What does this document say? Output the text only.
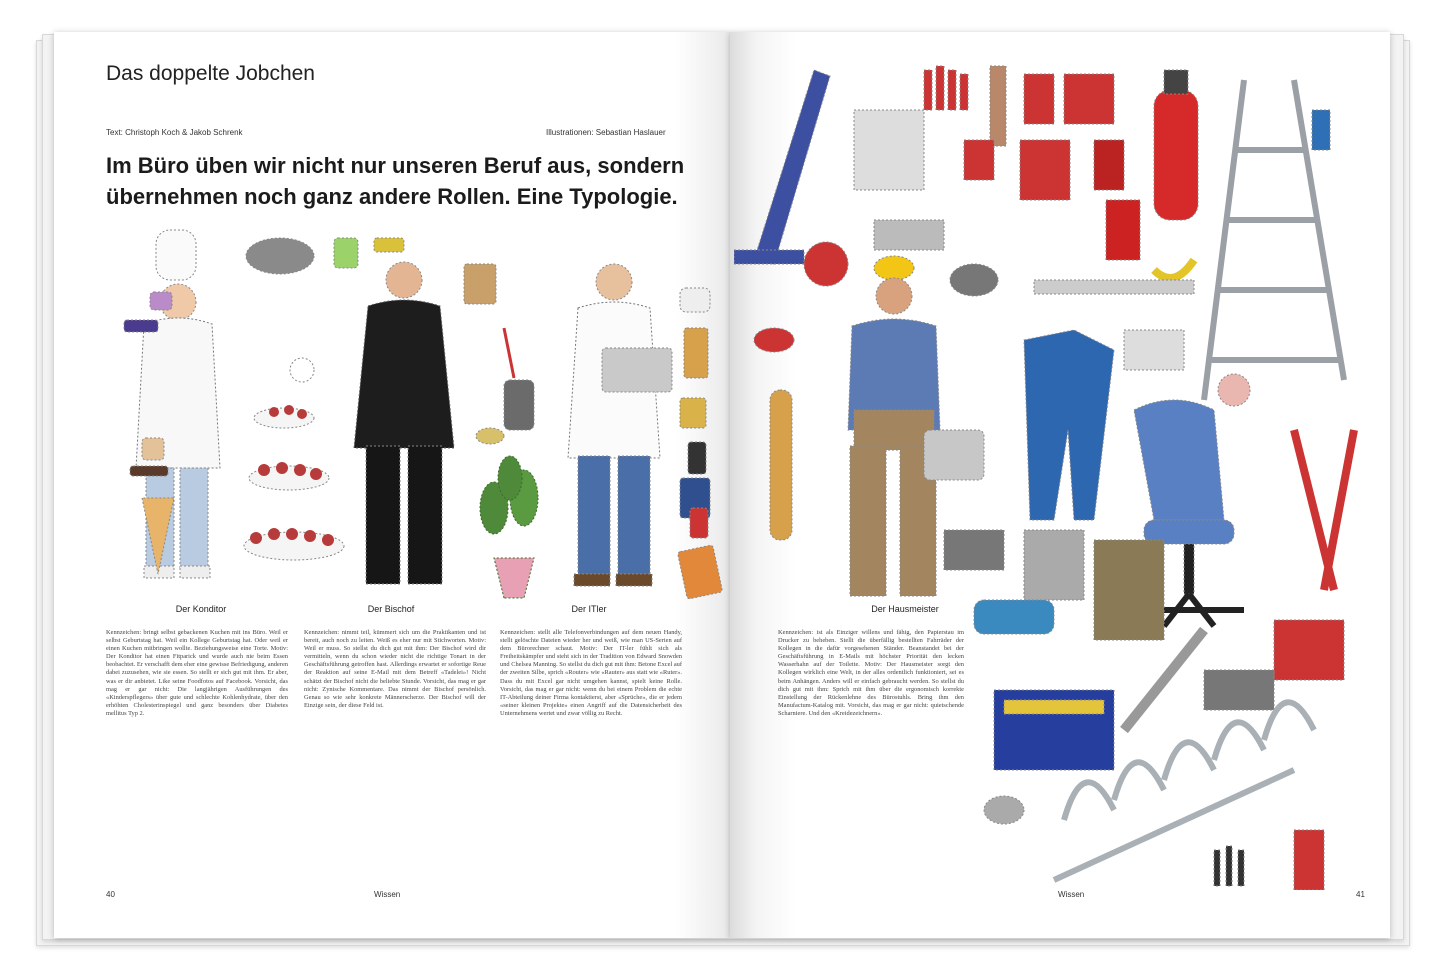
Das doppelte Jobchen
Text: Christoph Koch & Jakob Schrenk	Illustrationen: Sebastian Haslauer
Im Büro üben wir nicht nur unseren Beruf aus, sondern übernehmen noch ganz andere Rollen. Eine Typologie.
Der Konditor	Der Bischof	Der ITler
Kennzeichen: bringt selbst gebackenen Kuchen mit ins Büro. Weil er selbst Geburtstag hat. Weil ein Kollege Geburtstag hat. Oder weil er einen Kuchen mitbringen wollte. Beziehungsweise eine Torte. Motiv: Der Konditor hat einen Fitparick und wurde auch nie beim Essen beobachtet. Er verschafft dem eher eine gewisse Befriedigung, anderen dabei zuzusehen, wie sie essen. So stellt er sich gut mit ihm. Er aber, was er dir anbietet. Like seine Foodfotos auf Facebook. Vorsicht, das mag er gar nicht: Die langjährigen Ausführungen des «Kinderspflegers» über gute und schlechte Kohlenhydrate, über den erhöhten Cholesterinspiegel und ganz besonders über Diabetes mellitus Typ 2.
Kennzeichen: nimmt teil, kümmert sich um die Praktikanten und ist bereit, auch noch zu leiten. Weiß es eher nur mit Stichworten. Motiv: Weil er muss. So stellst du dich gut mit ihm: Der Bischof wird dir vermitteln, wenn du schon wieder nicht die richtige Tonart in der Geschäftsführung getroffen hast. Allerdings erwartet er sofortige Reue der Reaktion auf seine E-Mail mit dem Betreff «Tadelei»! Nicht schätzt der Bischof nicht die beliebte Stunde. Vorsicht, das mag er gar nicht: Zynische Kommentare. Das nimmt der Bischof persönlich. Genau so wie sehr konkrete Männerscherze. Der Bischof will der Einzige sein, der diese Feld ist.
Kennzeichen: stellt alle Telefonverbindungen auf dem neuen Handy, stellt gelöschte Dateien wieder her und weiß, wie man US-Serien auf dem Bürorechner schaut. Motiv: Der IT-ler fühlt sich als Freiheitskämpfer und steht sich in der Tradition von Edward Snowden und Chelsea Manning. So stellst du dich gut mit ihm: Betone Excel auf der zweiten Silbe, sprich «Router» wie «Rauter» aus statt wie «Ruter». Dass du mit Excel gar nicht umgehen kannst, spielt keine Rolle. Vorsicht, das mag er gar nicht: wenn du bei einem Problem die echte IT-Abteilung deiner Firma kontaktierst, aber «Sprüche», die er jedem «seiner kleinen Projekte» einen Angriff auf die Datensicherheit des Unternehmens wertet und zwar völlig zu Recht.
40	Wissen
Der Hausmeister
Kennzeichen: ist als Einziger willens und fähig, den Papierstau im Drucker zu beheben. Stellt die überfällig bestellten Fahrräder der Kollegen in die dafür vorgesehenen Ständer. Beanstandet bei der Geschäftsführung in E-Mails mit höchster Priorität den lecken Wasserhahn auf der Toilette. Motiv: Der Hausmeister sorgt den Kollegen wirklich eine Welt, in der alles ordentlich funktioniert, sei es beim Anhängen. Anders will er einfach gebraucht werden. So stellst du dich gut mit ihm: Sprich mit ihm über die ergonomisch korrekte Einstellung der Rückenlehne des Bürostuhls. Bring ihm den Manufactum-Katalog mit. Vorsicht, das mag er gar nicht: quietschende Scharniere. Und den «Kreidezeichnern».
Wissen	41
